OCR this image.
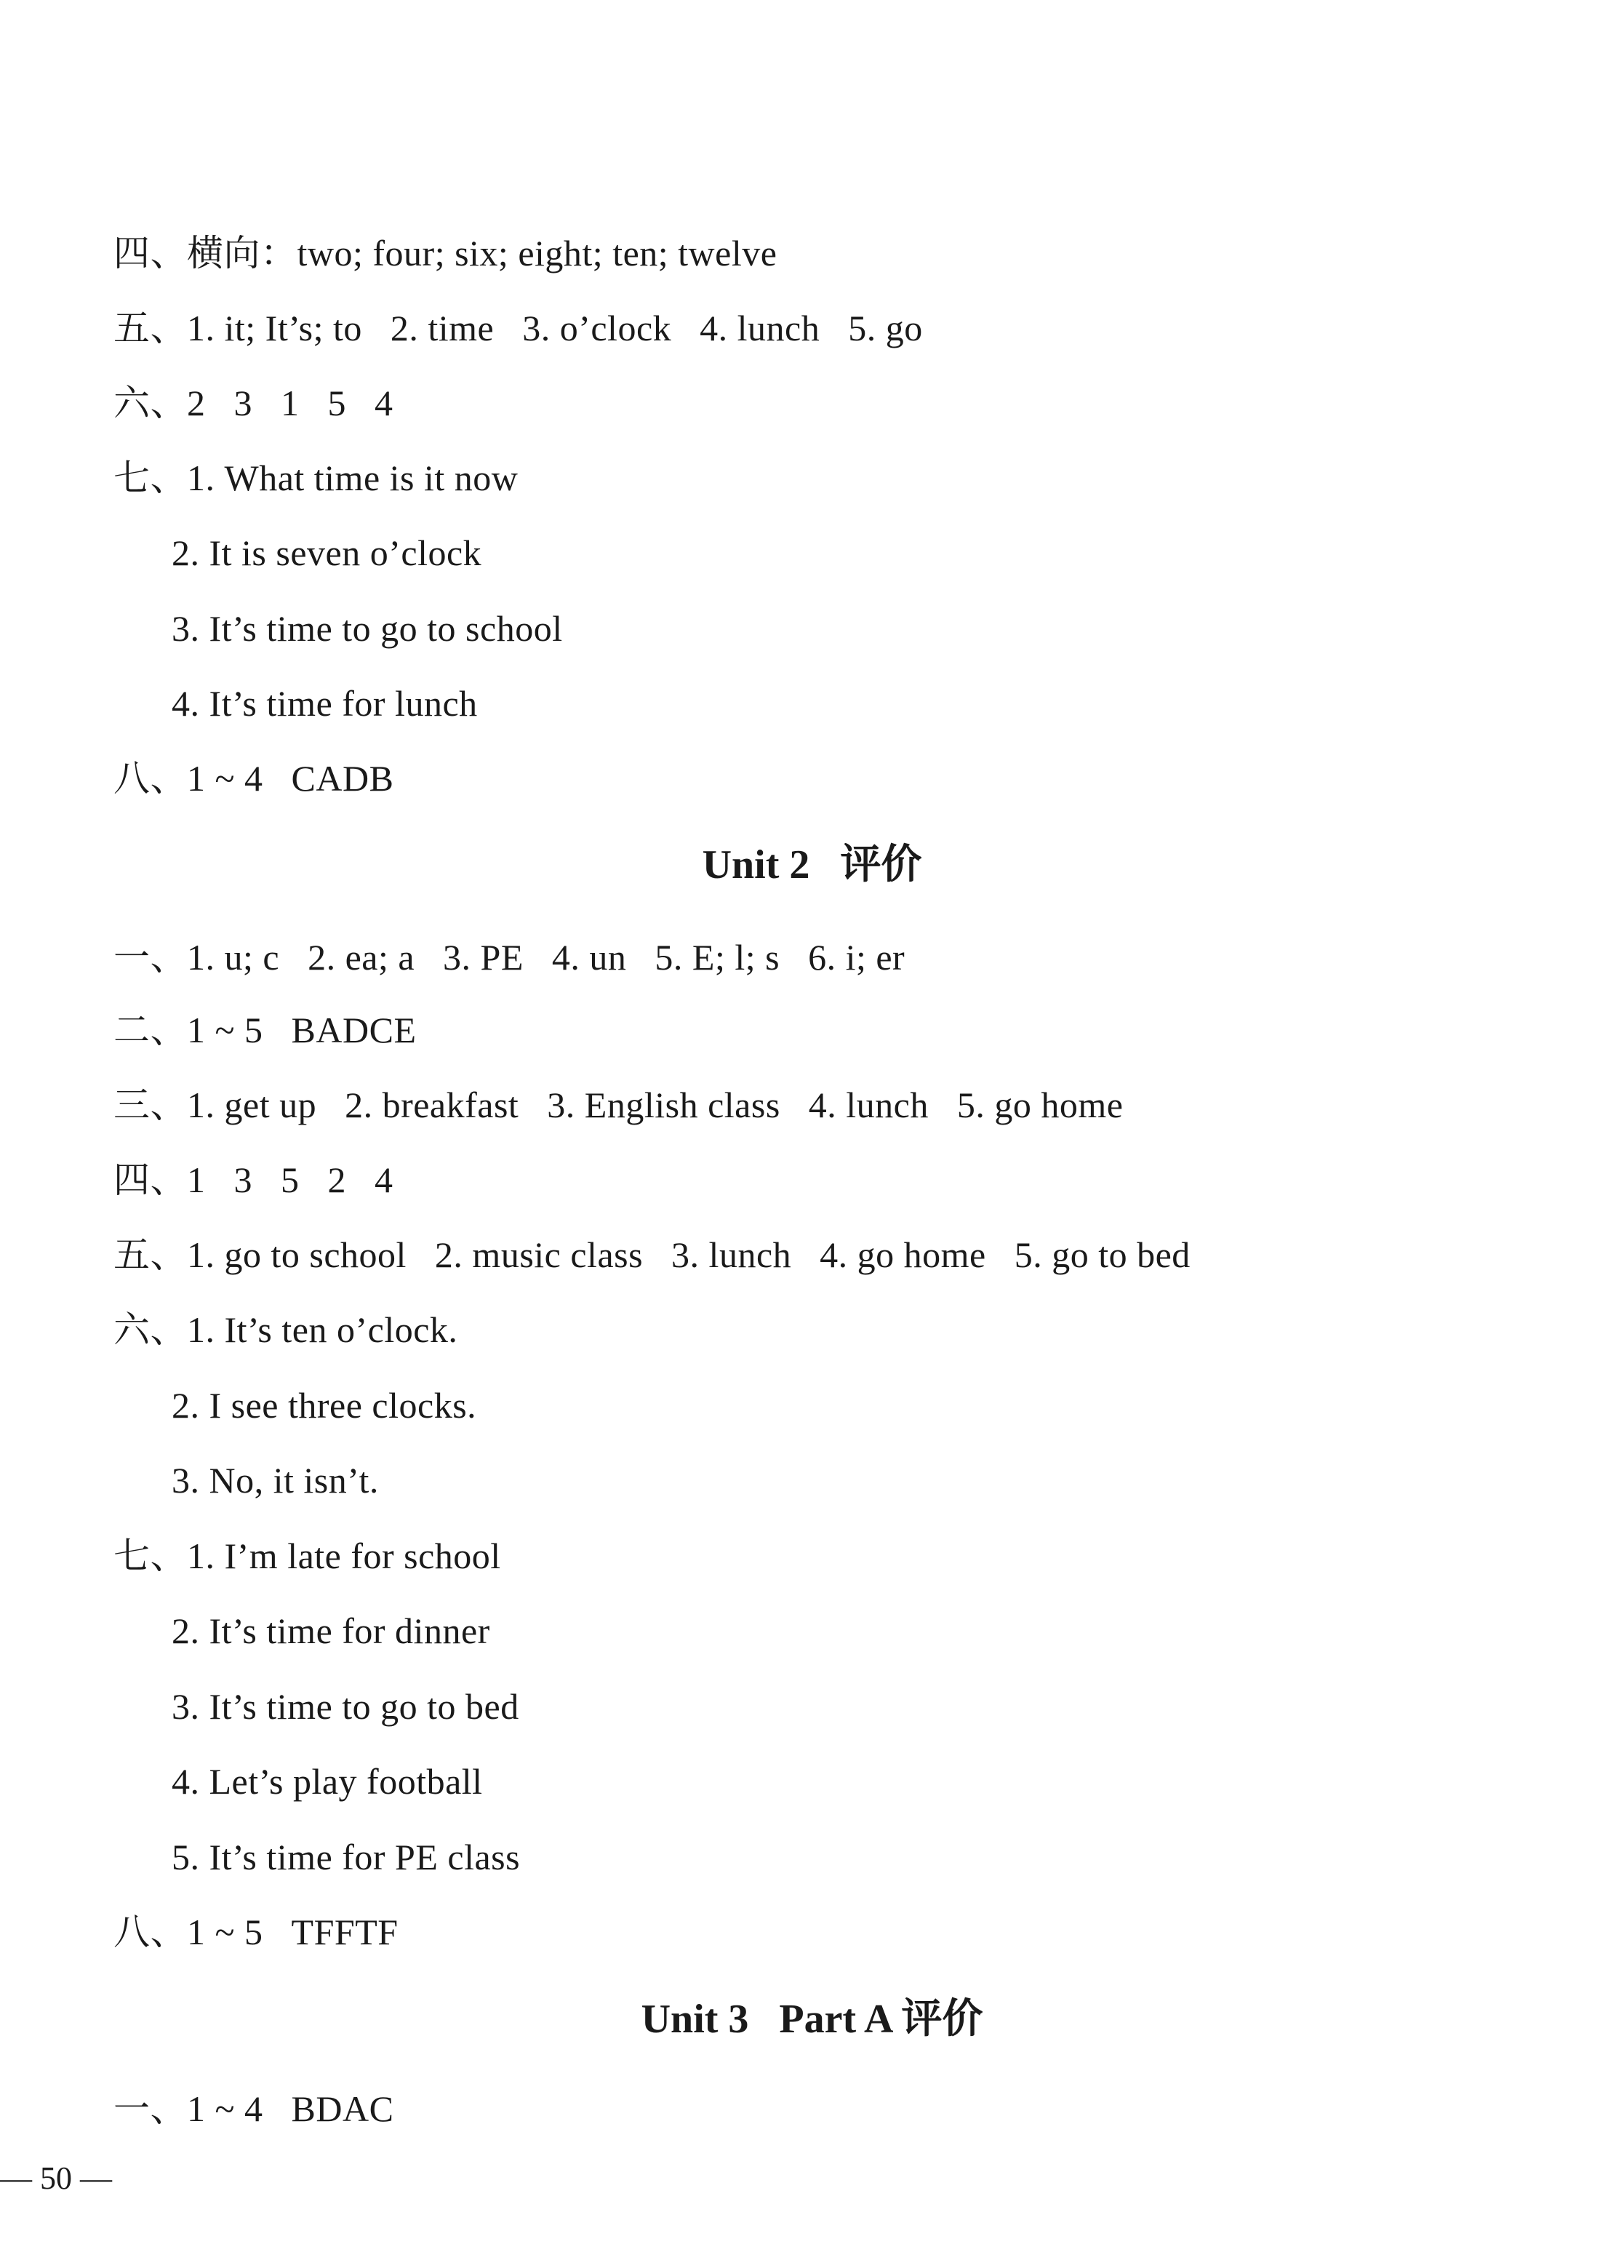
四、横向：two; four; six; eight; ten; twelve
五、1. it; It’s; to   2. time   3. o’clock   4. lunch   5. go
六、2   3   1   5   4
七、1. What time is it now
2. It is seven o’clock
3. It’s time to go to school
4. It’s time for lunch
八、1 ~ 4   CADB
Unit 2   评价
一、1. u; c   2. ea; a   3. PE   4. un   5. E; l; s   6. i; er
二、1 ~ 5   BADCE
三、1. get up   2. breakfast   3. English class   4. lunch   5. go home
四、1   3   5   2   4
五、1. go to school   2. music class   3. lunch   4. go home   5. go to bed
六、1. It’s ten o’clock.
2. I see three clocks.
3. No, it isn’t.
七、1. I’m late for school
2. It’s time for dinner
3. It’s time to go to bed
4. Let’s play football
5. It’s time for PE class
八、1 ~ 5   TFFTF
Unit 3   Part A 评价
一、1 ~ 4   BDAC
— 50 —
